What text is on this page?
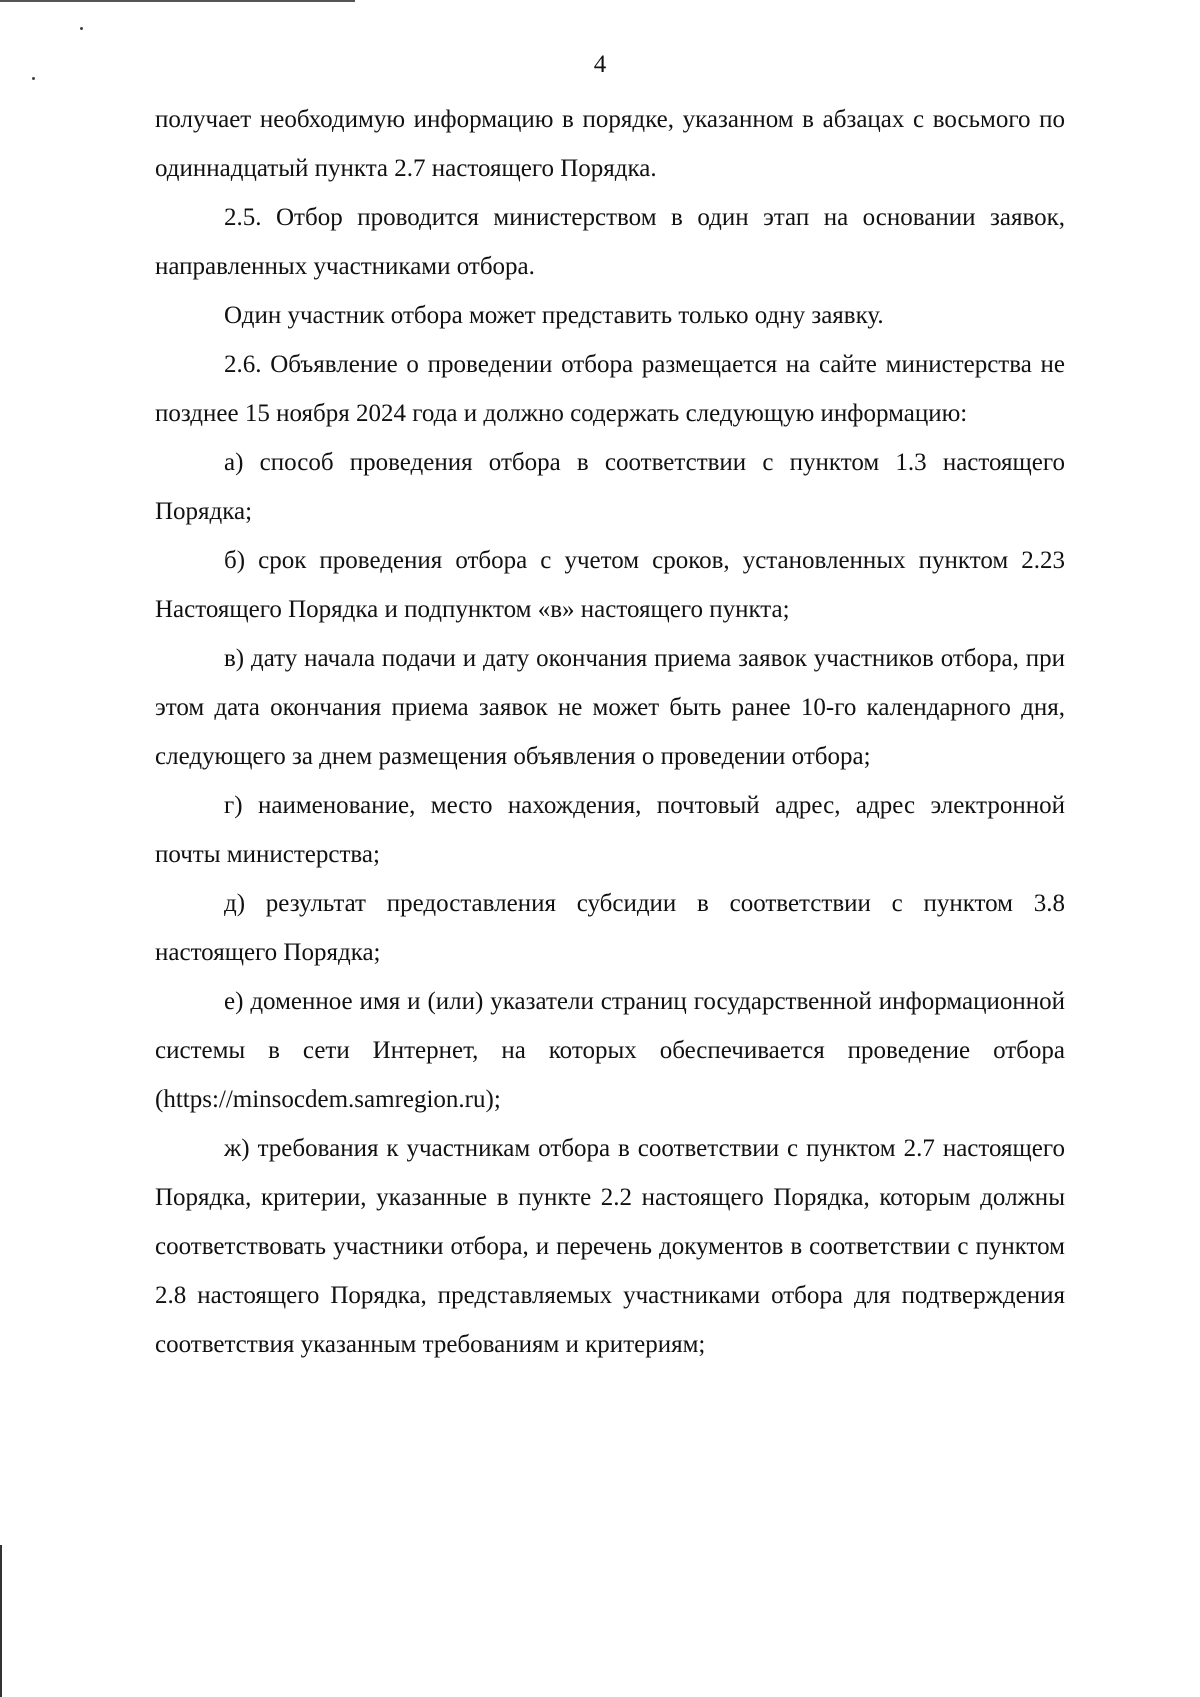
4

получает необходимую информацию в порядке, указанном в абзацах с восьмого по одиннадцатый пункта 2.7 настоящего Порядка.

2.5. Отбор проводится министерством в один этап на основании заявок, направленных участниками отбора.

Один участник отбора может представить только одну заявку.

2.6. Объявление о проведении отбора размещается на сайте министерства не позднее 15 ноября 2024 года и должно содержать следующую информацию:

а) способ проведения отбора в соответствии с пунктом 1.3 настоящего Порядка;

б) срок проведения отбора с учетом сроков, установленных пунктом 2.23 Настоящего Порядка и подпунктом «в» настоящего пункта;

в) дату начала подачи и дату окончания приема заявок участников отбора, при этом дата окончания приема заявок не может быть ранее 10-го календарного дня, следующего за днем размещения объявления о проведении отбора;

г) наименование, место нахождения, почтовый адрес, адрес электронной почты министерства;

д) результат предоставления субсидии в соответствии с пунктом 3.8 настоящего Порядка;

е) доменное имя и (или) указатели страниц государственной информационной системы в сети Интернет, на которых обеспечивается проведение отбора (https://minsocdem.samregion.ru);

ж) требования к участникам отбора в соответствии с пунктом 2.7 настоящего Порядка, критерии, указанные в пункте 2.2 настоящего Порядка, которым должны соответствовать участники отбора, и перечень документов в соответствии с пунктом 2.8 настоящего Порядка, представляемых участниками отбора для подтверждения соответствия указанным требованиям и критериям;
